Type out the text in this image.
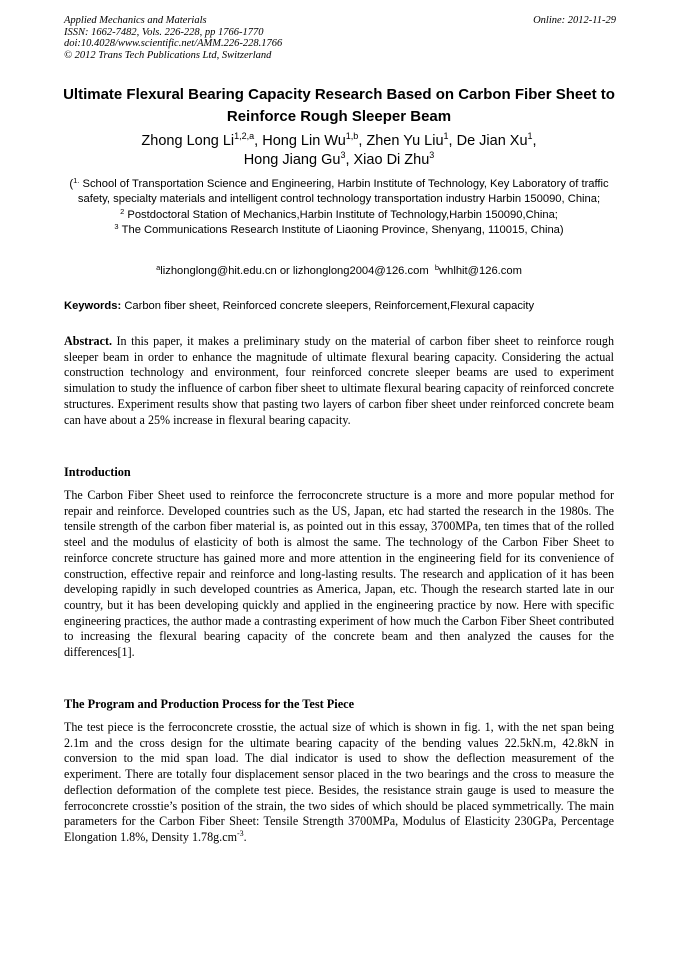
Applied Mechanics and Materials
ISSN: 1662-7482, Vols. 226-228, pp 1766-1770
doi:10.4028/www.scientific.net/AMM.226-228.1766
© 2012 Trans Tech Publications Ltd, Switzerland
Online: 2012-11-29
Ultimate Flexural Bearing Capacity Research Based on Carbon Fiber Sheet to Reinforce Rough Sleeper Beam
Zhong Long Li$^{1,2,a}$, Hong Lin Wu$^{1,b}$, Zhen Yu Liu$^1$, De Jian Xu$^1$,
Hong Jiang Gu$^3$, Xiao Di Zhu$^3$
($^{1.}$ School of Transportation Science and Engineering, Harbin Institute of Technology, Key Laboratory of traffic safety, specialty materials and intelligent control technology transportation industry Harbin 150090, China;
$^2$ Postdoctoral Station of Mechanics,Harbin Institute of Technology,Harbin 150090,China;
$^3$ The Communications Research Institute of Liaoning Province, Shenyang, 110015, China)
$^a$lizhonglong@hit.edu.cn or lizhonglong2004@126.com $^b$whlhit@126.com
Keywords: Carbon fiber sheet, Reinforced concrete sleepers, Reinforcement,Flexural capacity
Abstract. In this paper, it makes a preliminary study on the material of carbon fiber sheet to reinforce rough sleeper beam in order to enhance the magnitude of ultimate flexural bearing capacity. Considering the actual construction technology and environment, four reinforced concrete sleeper beams are used to experiment simulation to study the influence of carbon fiber sheet to ultimate flexural bearing capacity of reinforced concrete structures. Experiment results show that pasting two layers of carbon fiber sheet under reinforced concrete beam can have about a 25% increase in flexural bearing capacity.
Introduction
The Carbon Fiber Sheet used to reinforce the ferroconcrete structure is a more and more popular method for repair and reinforce. Developed countries such as the US, Japan, etc had started the research in the 1980s. The tensile strength of the carbon fiber material is, as pointed out in this essay, 3700MPa, ten times that of the rolled steel and the modulus of elasticity of both is almost the same. The technology of the Carbon Fiber Sheet to reinforce concrete structure has gained more and more attention in the engineering field for its convenience of construction, effective repair and reinforce and long-lasting results. The research and application of it has been developing rapidly in such developed countries as America, Japan, etc. Though the research started late in our country, but it has been developing quickly and applied in the engineering practice by now. Here with specific engineering practices, the author made a contrasting experiment of how much the Carbon Fiber Sheet contributed to increasing the flexural bearing capacity of the concrete beam and then analyzed the causes for the differences[1].
The Program and Production Process for the Test Piece
The test piece is the ferroconcrete crosstie, the actual size of which is shown in fig. 1, with the net span being 2.1m and the cross design for the ultimate bearing capacity of the bending values 22.5kN.m, 42.8kN in conversion to the mid span load. The dial indicator is used to show the deflection measurement of the experiment. There are totally four displacement sensor placed in the two bearings and the cross to measure the deflection deformation of the complete test piece. Besides, the resistance strain gauge is used to measure the ferroconcrete crosstie’s position of the strain, the two sides of which should be placed symmetrically. The main parameters for the Carbon Fiber Sheet: Tensile Strength 3700MPa, Modulus of Elasticity 230GPa, Percentage Elongation 1.8%, Density $1.78g.cm^{-3}$.
